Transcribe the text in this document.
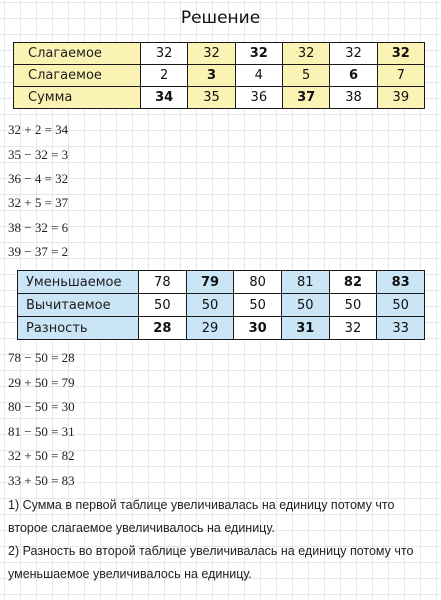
Решение
Слагаемое	32	32	32	32	32	32
Слагаемое	2	3	4	5	6	7
Сумма	34	35	36	37	38	39
32 + 2 = 34
35 − 32 = 3
36 − 4 = 32
32 + 5 = 37
38 − 32 = 6
39 − 37 = 2
Уменьшаемое	78	79	80	81	82	83
Вычитаемое	50	50	50	50	50	50
Разность	28	29	30	31	32	33
78 − 50 = 28
29 + 50 = 79
80 − 50 = 30
81 − 50 = 31
32 + 50 = 82
33 + 50 = 83
1) Сумма в первой таблице увеличивалась на единицу потому что второе слагаемое увеличивалось на единицу.
2) Разность во второй таблице увеличивалась на единицу потому что уменьшаемое увеличивалось на единицу.
